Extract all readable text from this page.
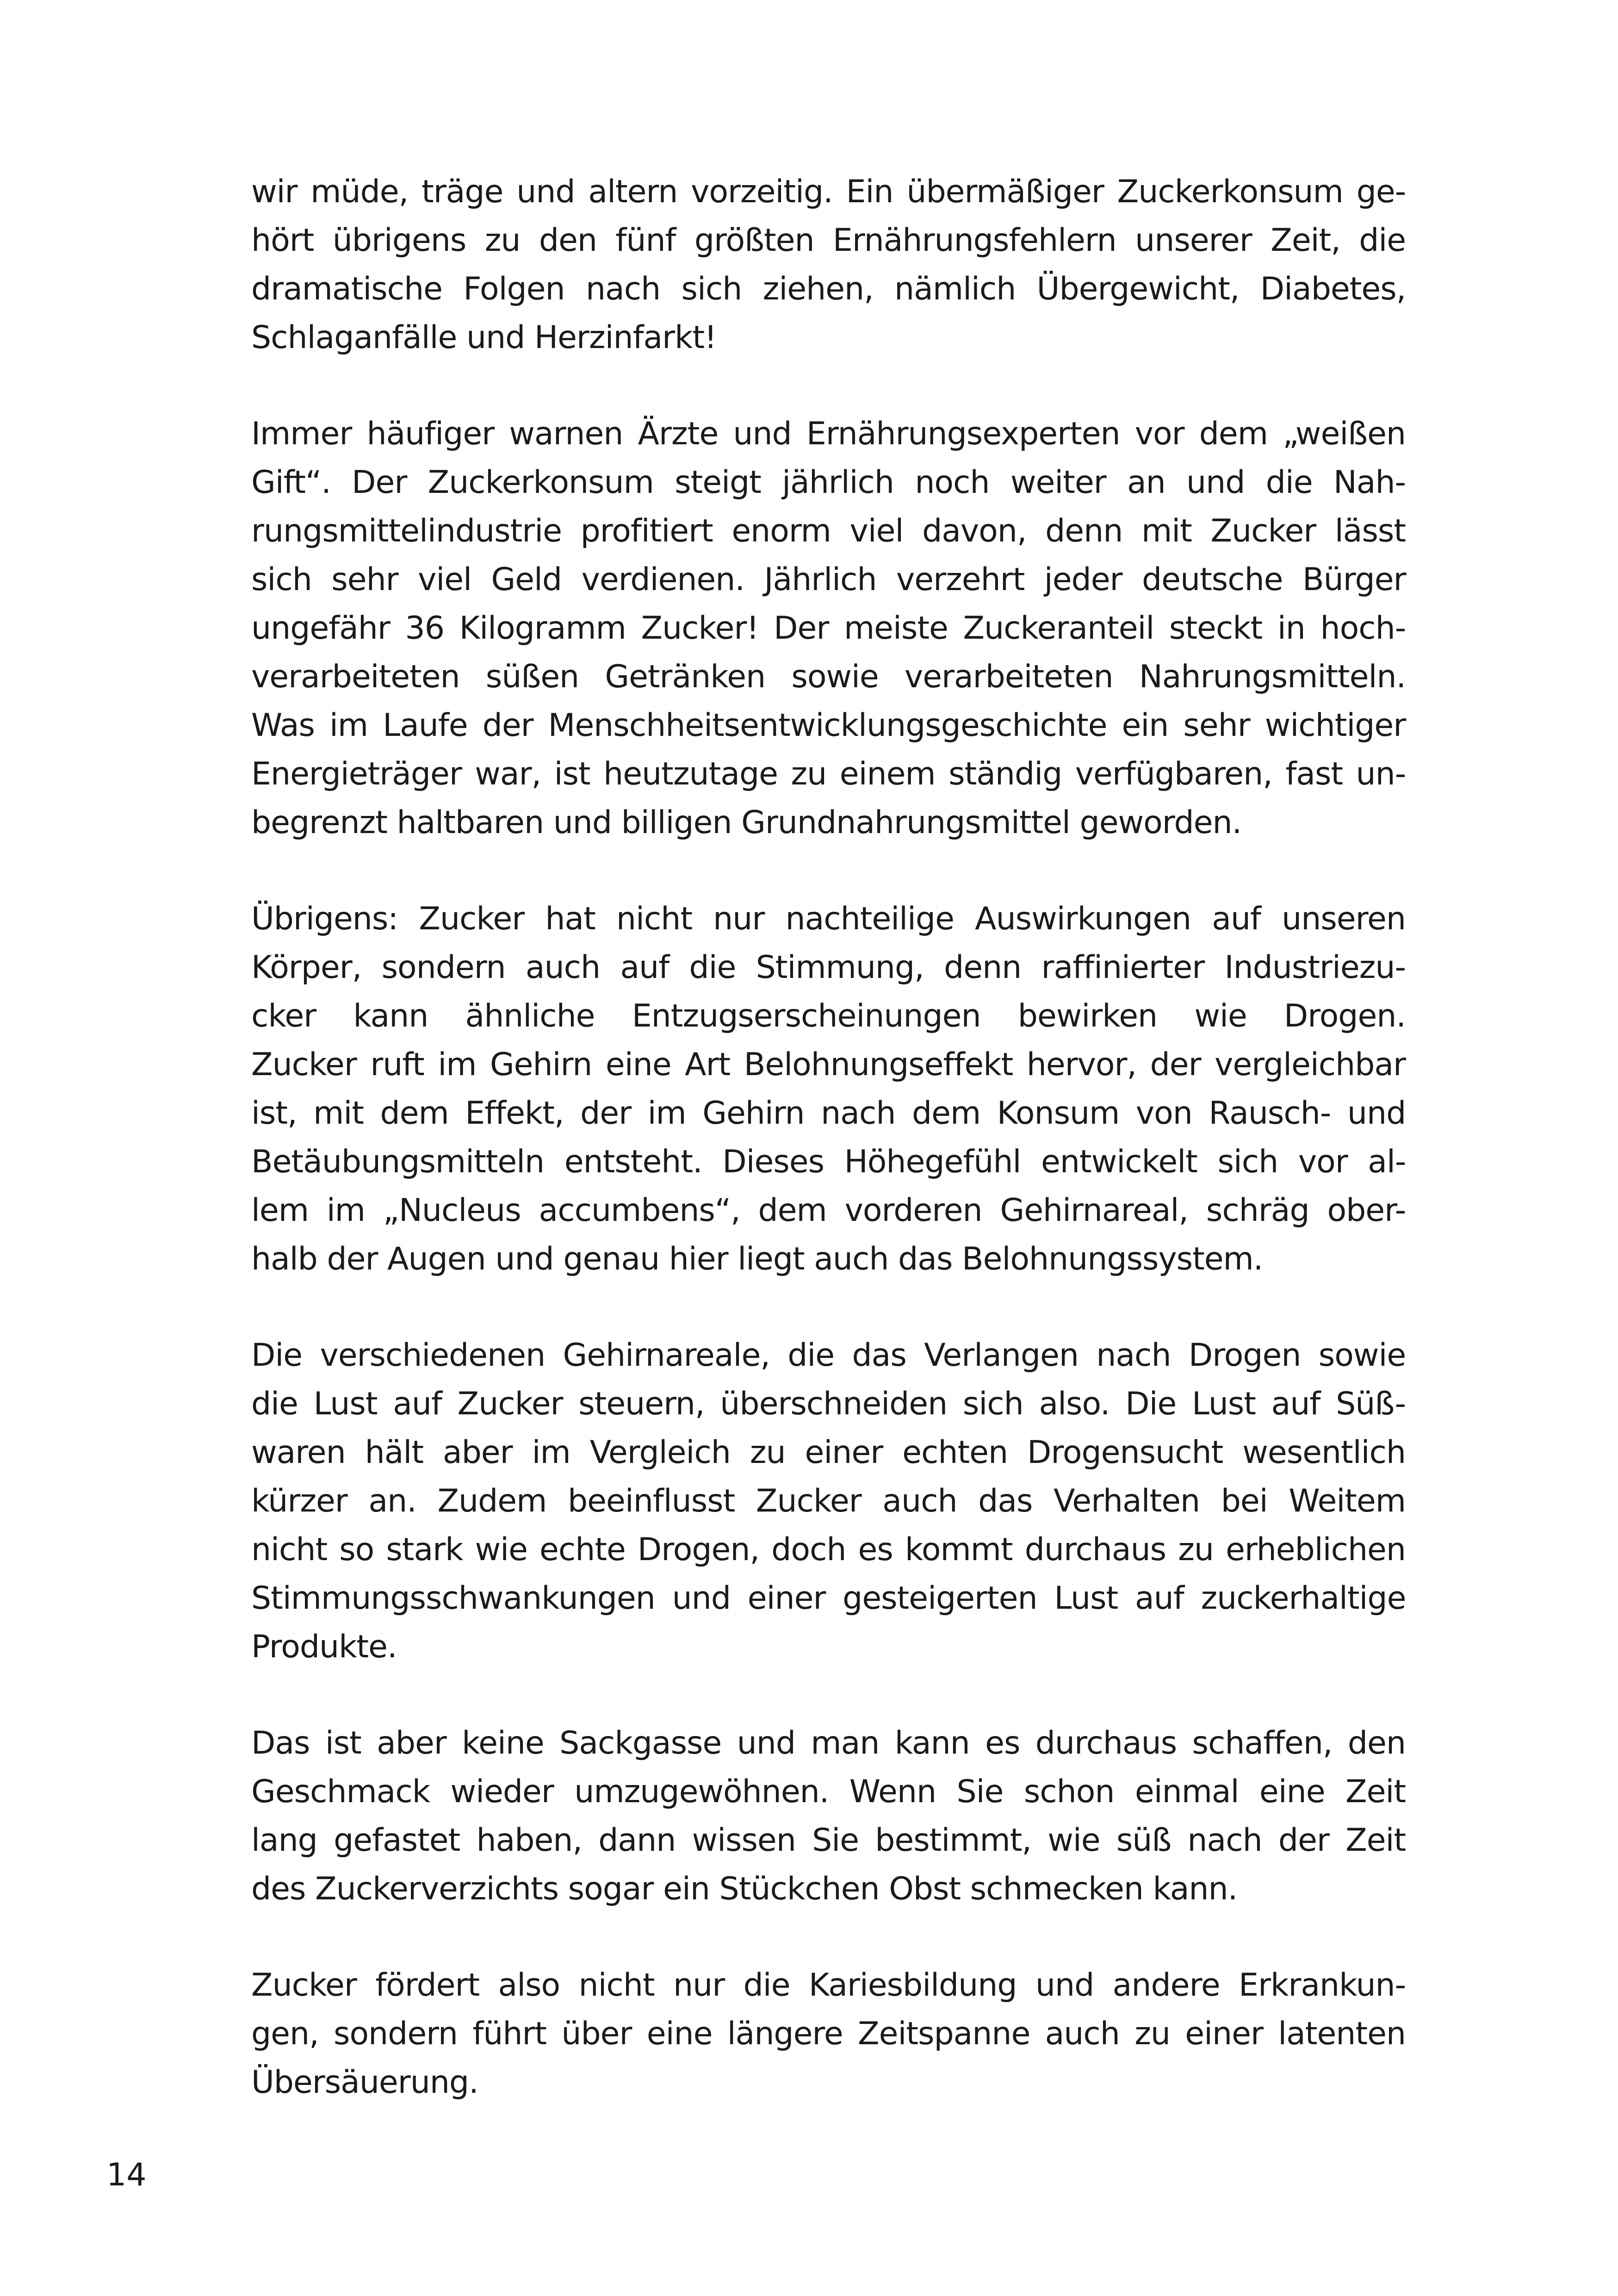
wir müde, träge und altern vorzeitig. Ein übermäßiger Zuckerkonsum ge-
hört übrigens zu den fünf größten Ernährungsfehlern unserer Zeit, die
dramatische Folgen nach sich ziehen, nämlich Übergewicht, Diabetes,
Schlaganfälle und Herzinfarkt!
Immer häufiger warnen Ärzte und Ernährungsexperten vor dem „weißen
Gift“. Der Zuckerkonsum steigt jährlich noch weiter an und die Nah-
rungsmittelindustrie profitiert enorm viel davon, denn mit Zucker lässt
sich sehr viel Geld verdienen. Jährlich verzehrt jeder deutsche Bürger
ungefähr 36 Kilogramm Zucker! Der meiste Zuckeranteil steckt in hoch-
verarbeiteten süßen Getränken sowie verarbeiteten Nahrungsmitteln.
Was im Laufe der Menschheitsentwicklungsgeschichte ein sehr wichtiger
Energieträger war, ist heutzutage zu einem ständig verfügbaren, fast un-
begrenzt haltbaren und billigen Grundnahrungsmittel geworden.
Übrigens: Zucker hat nicht nur nachteilige Auswirkungen auf unseren
Körper, sondern auch auf die Stimmung, denn raffinierter Industriezu-
cker kann ähnliche Entzugserscheinungen bewirken wie Drogen.
Zucker ruft im Gehirn eine Art Belohnungseffekt hervor, der vergleichbar
ist, mit dem Effekt, der im Gehirn nach dem Konsum von Rausch- und
Betäubungsmitteln entsteht. Dieses Höhegefühl entwickelt sich vor al-
lem im „Nucleus accumbens“, dem vorderen Gehirnareal, schräg ober-
halb der Augen und genau hier liegt auch das Belohnungssystem.
Die verschiedenen Gehirnareale, die das Verlangen nach Drogen sowie
die Lust auf Zucker steuern, überschneiden sich also. Die Lust auf Süß-
waren hält aber im Vergleich zu einer echten Drogensucht wesentlich
kürzer an. Zudem beeinflusst Zucker auch das Verhalten bei Weitem
nicht so stark wie echte Drogen, doch es kommt durchaus zu erheblichen
Stimmungsschwankungen und einer gesteigerten Lust auf zuckerhaltige
Produkte.
Das ist aber keine Sackgasse und man kann es durchaus schaffen, den
Geschmack wieder umzugewöhnen. Wenn Sie schon einmal eine Zeit
lang gefastet haben, dann wissen Sie bestimmt, wie süß nach der Zeit
des Zuckerverzichts sogar ein Stückchen Obst schmecken kann.
Zucker fördert also nicht nur die Kariesbildung und andere Erkrankun-
gen, sondern führt über eine längere Zeitspanne auch zu einer latenten
Übersäuerung.
14
